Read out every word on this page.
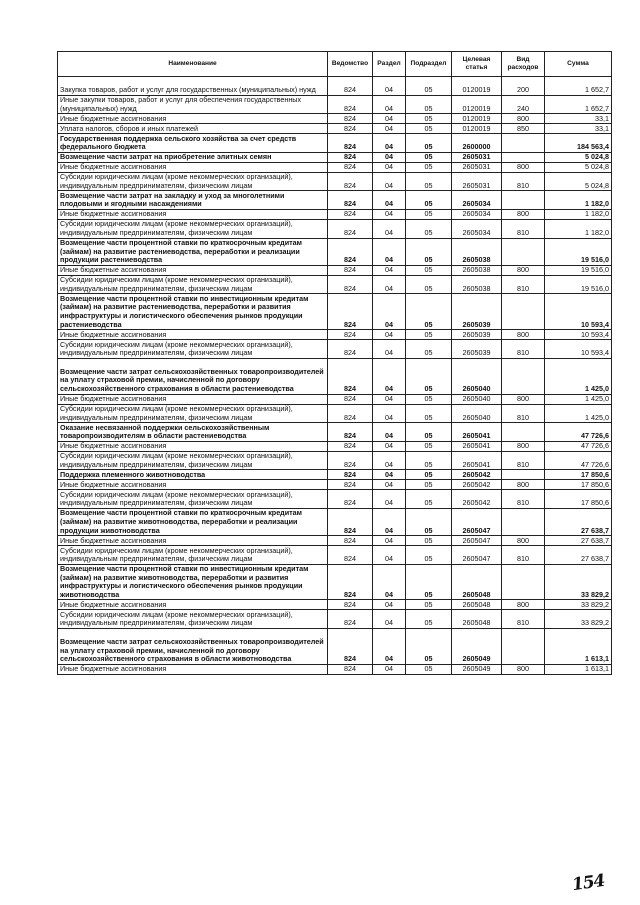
Наименование	Ведомство	Раздел	Подраздел	Целевая статья	Вид расходов	Сумма
Закупка товаров, работ и услуг для государственных (муниципальных) нужд	824	04	05	0120019	200	1 652,7
Иные закупки товаров, работ и услуг для обеспечения государственных (муниципальных) нужд	824	04	05	0120019	240	1 652,7
Иные бюджетные ассигнования	824	04	05	0120019	800	33,1
Уплата налогов, сборов и иных платежей	824	04	05	0120019	850	33,1
Государственная поддержка сельского хозяйства за счет средств федерального бюджета	824	04	05	2600000		184 563,4
Возмещение части затрат на приобретение элитных семян	824	04	05	2605031		5 024,8
Иные бюджетные ассигнования	824	04	05	2605031	800	5 024,8
Субсидии юридическим лицам (кроме некоммерческих организаций), индивидуальным предпринимателям, физическим лицам	824	04	05	2605031	810	5 024,8
Возмещение части затрат на закладку и уход за многолетними плодовыми и ягодными насаждениями	824	04	05	2605034		1 182,0
Иные бюджетные ассигнования	824	04	05	2605034	800	1 182,0
Субсидии юридическим лицам (кроме некоммерческих организаций), индивидуальным предпринимателям, физическим лицам	824	04	05	2605034	810	1 182,0
Возмещение части процентной ставки по краткосрочным кредитам (займам) на развитие растениеводства, переработки и реализации продукции растениеводства	824	04	05	2605038		19 516,0
Иные бюджетные ассигнования	824	04	05	2605038	800	19 516,0
Субсидии юридическим лицам (кроме некоммерческих организаций), индивидуальным предпринимателям, физическим лицам	824	04	05	2605038	810	19 516,0
Возмещение части процентной ставки по инвестиционным кредитам (займам) на развитие растениеводства, переработки и развития инфраструктуры и логистического обеспечения рынков продукции растениеводства	824	04	05	2605039		10 593,4
Иные бюджетные ассигнования	824	04	05	2605039	800	10 593,4
Субсидии юридическим лицам (кроме некоммерческих организаций), индивидуальным предпринимателям, физическим лицам	824	04	05	2605039	810	10 593,4
Возмещение части затрат сельскохозяйственных товаропроизводителей на уплату страховой премии, начисленной по договору сельскохозяйственного страхования в области растениеводства	824	04	05	2605040		1 425,0
Иные бюджетные ассигнования	824	04	05	2605040	800	1 425,0
Субсидии юридическим лицам (кроме некоммерческих организаций), индивидуальным предпринимателям, физическим лицам	824	04	05	2605040	810	1 425,0
Оказание несвязанной поддержки сельскохозяйственным товаропроизводителям в области растениеводства	824	04	05	2605041		47 726,6
Иные бюджетные ассигнования	824	04	05	2605041	800	47 726,6
Субсидии юридическим лицам (кроме некоммерческих организаций), индивидуальным предпринимателям, физическим лицам	824	04	05	2605041	810	47 726,6
Поддержка племенного животноводства	824	04	05	2605042		17 850,6
Иные бюджетные ассигнования	824	04	05	2605042	800	17 850,6
Субсидии юридическим лицам (кроме некоммерческих организаций), индивидуальным предпринимателям, физическим лицам	824	04	05	2605042	810	17 850,6
Возмещение части процентной ставки по краткосрочным кредитам (займам) на развитие животноводства, переработки и реализации продукции животноводства	824	04	05	2605047		27 638,7
Иные бюджетные ассигнования	824	04	05	2605047	800	27 638,7
Субсидии юридическим лицам (кроме некоммерческих организаций), индивидуальным предпринимателям, физическим лицам	824	04	05	2605047	810	27 638,7
Возмещение части процентной ставки по инвестиционным кредитам (займам) на развитие животноводства, переработки и развития инфраструктуры и логистического обеспечения рынков продукции животноводства	824	04	05	2605048		33 829,2
Иные бюджетные ассигнования	824	04	05	2605048	800	33 829,2
Субсидии юридическим лицам (кроме некоммерческих организаций), индивидуальным предпринимателям, физическим лицам	824	04	05	2605048	810	33 829,2
Возмещение части затрат сельскохозяйственных товаропроизводителей на уплату страховой премии, начисленной по договору сельскохозяйственного страхования в области животноводства	824	04	05	2605049		1 613,1
Иные бюджетные ассигнования	824	04	05	2605049	800	1 613,1
154
